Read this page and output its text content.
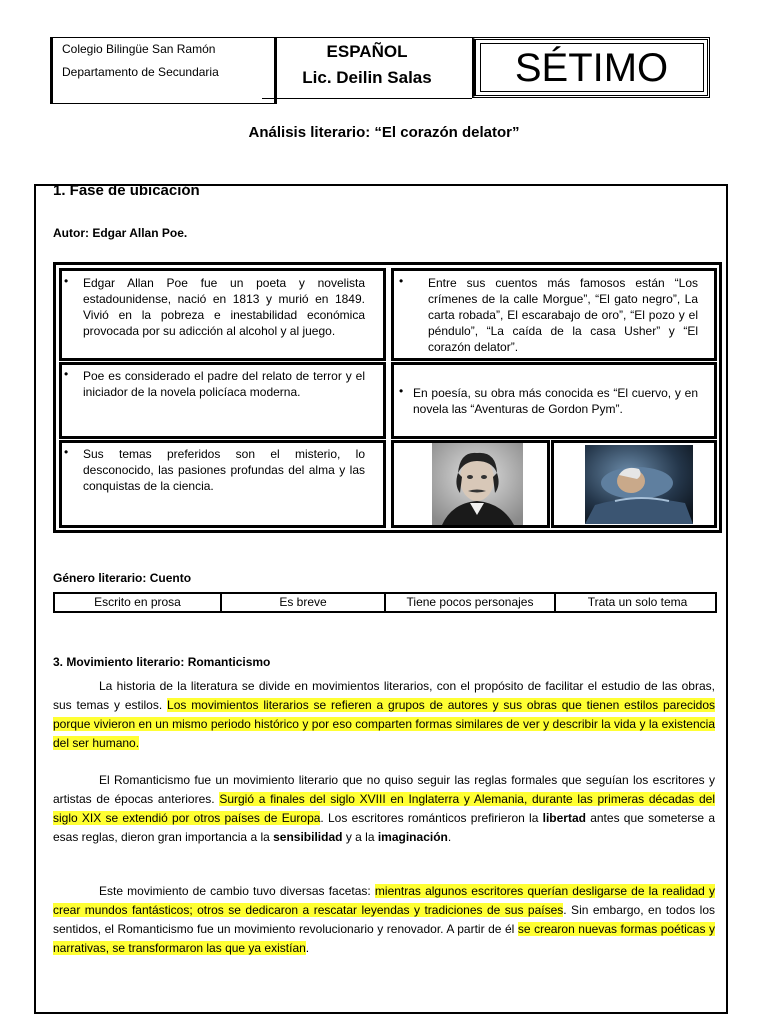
Colegio Bilingüe San Ramón
Departamento de Secundaria
ESPAÑOL
Lic. Deilin Salas	SÉTIMO
Análisis literario: “El corazón delator”
1. Fase de ubicación
Autor: Edgar Allan Poe.
• Edgar Allan Poe fue un poeta y novelista estadounidense, nació en 1813 y murió en 1849. Vivió en la pobreza e inestabilidad económica provocada por su adicción al alcohol y al juego.
• Entre sus cuentos más famosos están “Los crímenes de la calle Morgue”, “El gato negro”, La carta robada”, El escarabajo de oro”, “El pozo y el péndulo”, “La caída de la casa Usher” y “El corazón delator”.
• Poe es considerado el padre del relato de terror y el iniciador de la novela policíaca moderna.	• En poesía, su obra más conocida es “El cuervo, y en novela las “Aventuras de Gordon Pym”.
• Sus temas preferidos son el misterio, lo desconocido, las pasiones profundas del alma y las conquistas de la ciencia.
Género literario: Cuento
Escrito en prosa	Es breve	Tiene pocos personajes	Trata un solo tema
3. Movimiento literario: Romanticismo
La historia de la literatura se divide en movimientos literarios, con el propósito de facilitar el estudio de las obras, sus temas y estilos. Los movimientos literarios se refieren a grupos de autores y sus obras que tienen estilos parecidos porque vivieron en un mismo periodo histórico y por eso comparten formas similares de ver y describir la vida y la existencia del ser humano.
El Romanticismo fue un movimiento literario que no quiso seguir las reglas formales que seguían los escritores y artistas de épocas anteriores. Surgió a finales del siglo XVIII en Inglaterra y Alemania, durante las primeras décadas del siglo XIX se extendió por otros países de Europa. Los escritores románticos prefirieron la libertad antes que someterse a esas reglas, dieron gran importancia a la sensibilidad y a la imaginación.
Este movimiento de cambio tuvo diversas facetas: mientras algunos escritores querían desligarse de la realidad y crear mundos fantásticos; otros se dedicaron a rescatar leyendas y tradiciones de sus países. Sin embargo, en todos los sentidos, el Romanticismo fue un movimiento revolucionario y renovador. A partir de él se crearon nuevas formas poéticas y narrativas, se transformaron las que ya existían.
